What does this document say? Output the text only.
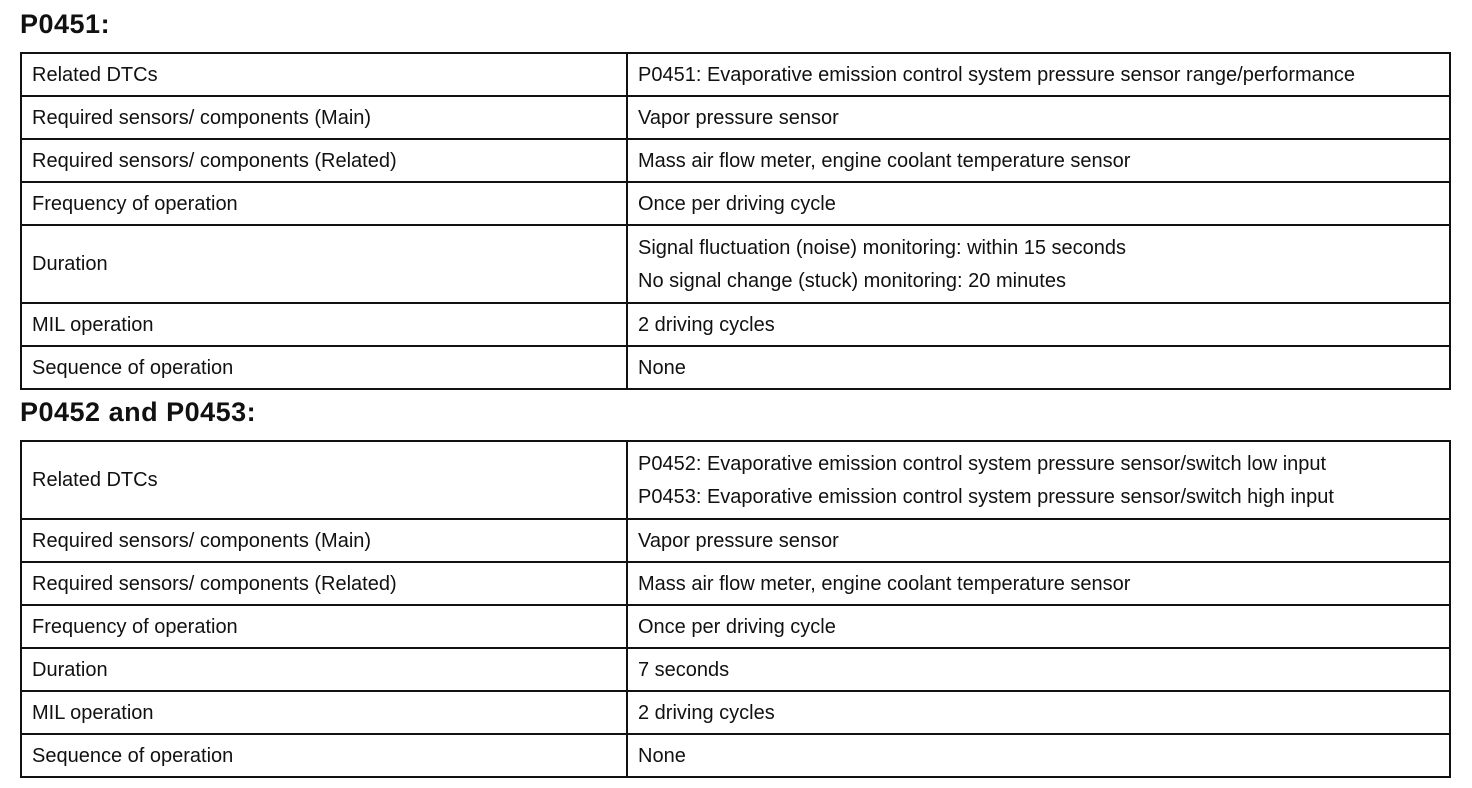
P0451:
Related DTCs	P0451: Evaporative emission control system pressure sensor range/performance

Required sensors/ components (Main)	Vapor pressure sensor

Required sensors/ components (Related)	Mass air flow meter, engine coolant temperature sensor

Frequency of operation	Once per driving cycle

Duration	Signal fluctuation (noise) monitoring: within 15 seconds
No signal change (stuck) monitoring: 20 minutes

MIL operation	2 driving cycles

Sequence of operation	None
P0452 and P0453:
Related DTCs	P0452: Evaporative emission control system pressure sensor/switch low input
P0453: Evaporative emission control system pressure sensor/switch high input

Required sensors/ components (Main)	Vapor pressure sensor

Required sensors/ components (Related)	Mass air flow meter, engine coolant temperature sensor

Frequency of operation	Once per driving cycle

Duration	7 seconds

MIL operation	2 driving cycles

Sequence of operation	None
